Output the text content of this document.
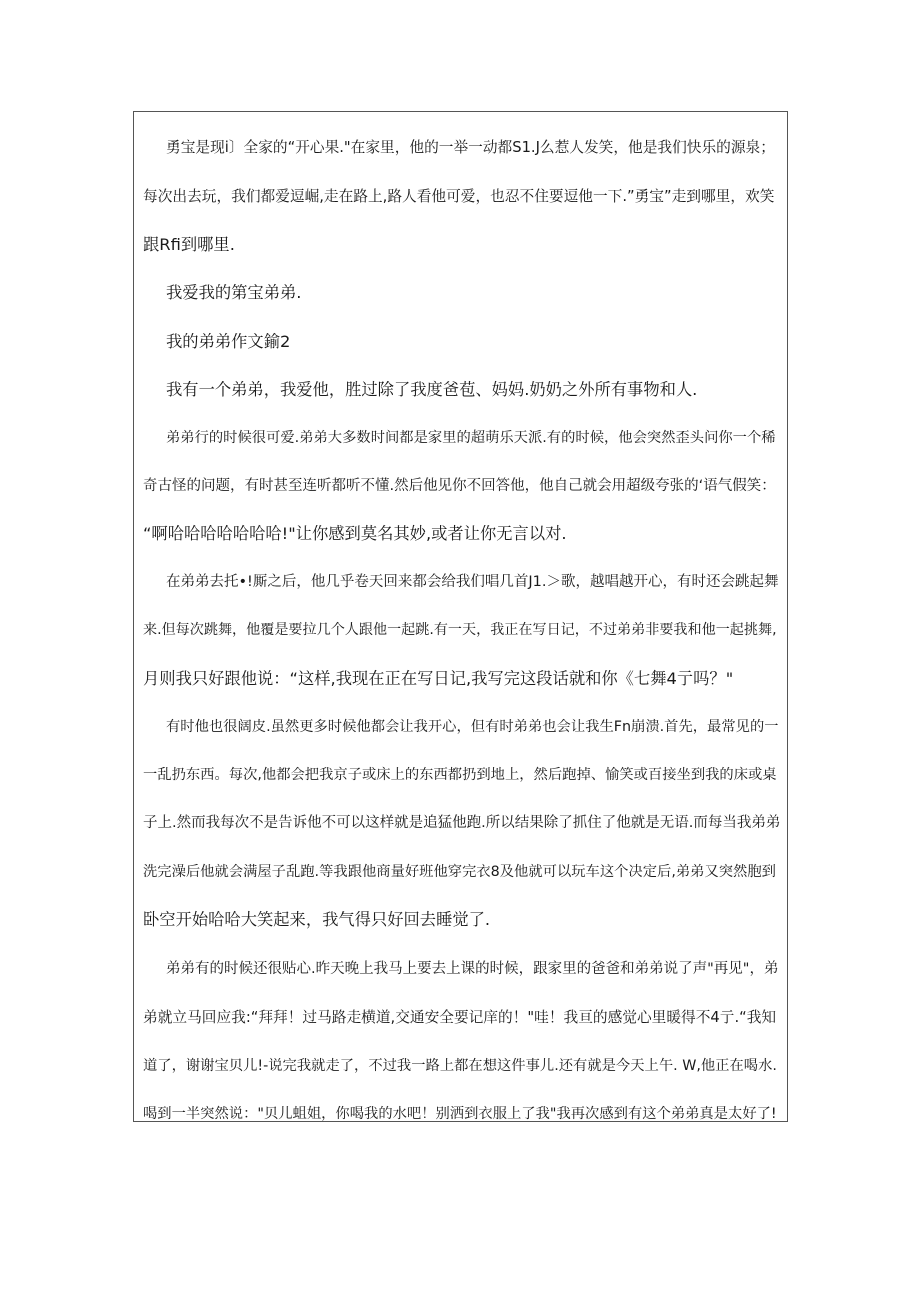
勇宝是现i〕全家的“开心果."在家里，他的一举一动都S1.J么惹人发笑，他是我们快乐的源泉；
每次出去玩，我们都爱逗崛,走在路上,路人看他可爱，也忍不住要逗他一下.”勇宝”走到哪里，欢笑
跟Rfi到哪里.
我爱我的第宝弟弟.
我的弟弟作文鍮2
我有一个弟弟，我爱他，胜过除了我度爸苞、妈妈.奶奶之外所有事物和人.
弟弟行的时候很可爱.弟弟大多数时间都是家里的超萌乐天派.有的时候，他会突然歪头问你一个稀
奇古怪的问题，有时甚至连听都听不懂.然后他见你不回答他，他自己就会用超级夸张的‘语气假笑：
“啊哈哈哈哈哈哈哈!"让你感到莫名其妙,或者让你无言以对.
在弟弟去托•!厮之后，他几乎卷天回来都会给我们唱几首J1.＞歌，越唱越开心，有时还会跳起舞
来.但每次跳舞，他覆是要拉几个人跟他一起跳.有一天，我正在写日记，不过弟弟非要我和他一起挑舞,
月则我只好跟他说：“这样,我现在正在写日记,我写完这段话就和你《七舞4亍吗？"
有时他也很阔皮.虽然更多时候他都会让我开心，但有时弟弟也会让我生Fn崩溃.首先，最常见的一
一乱扔东西。每次,他都会把我京子或床上的东西都扔到地上，然后跑掉、愉笑或百接坐到我的床或桌
子上.然而我每次不是告诉他不可以这样就是追猛他跑.所以结果除了抓住了他就是无语.而每当我弟弟
洗完澡后他就会满屋子乱跑.等我跟他商量好班他穿完衣8及他就可以玩车这个决定后,弟弟又突然胞到
卧空开始哈哈大笑起来，我气得只好回去睡觉了.
弟弟有的时候还很贴心.昨天晚上我马上要去上课的时候，跟家里的爸爸和弟弟说了声"再见"，弟
弟就立马回应我:“拜拜！过马路走横道,交通安全要记庠的！"哇！我亘的感觉心里暖得不4亍.“我知
道了，谢谢宝贝儿!-说完我就走了，不过我一路上都在想这件事儿.还有就是今天上午. W,他正在喝水.
喝到一半突然说："贝儿蛆姐，你喝我的水吧！别洒到衣服上了我"我再次感到有这个弟弟真是太好了!
